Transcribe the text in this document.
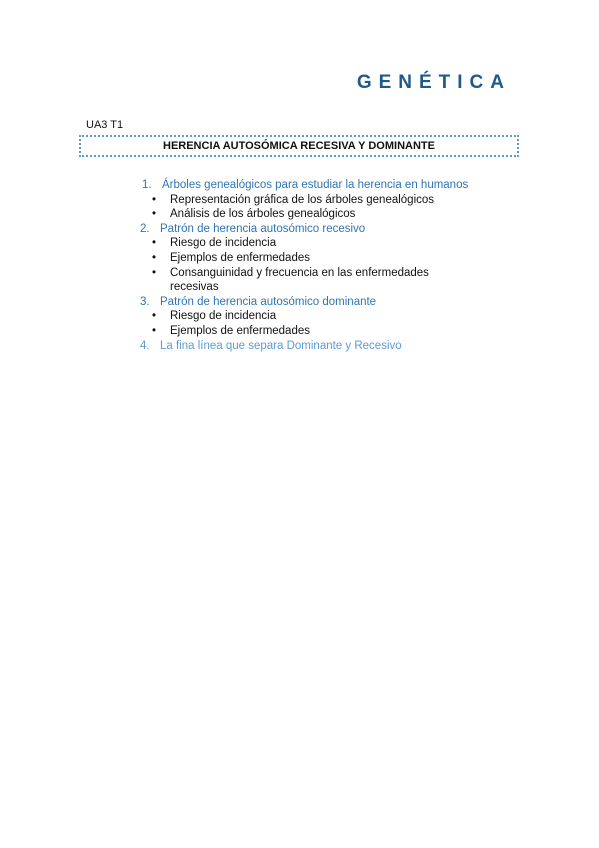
GENÉTICA
UA3 T1
HERENCIA AUTOSÓMICA RECESIVA Y DOMINANTE
1. Árboles genealógicos para estudiar la herencia en humanos
• Representación gráfica de los árboles genealógicos
• Análisis de los árboles genealógicos
2. Patrón de herencia autosómico recesivo
• Riesgo de incidencia
• Ejemplos de enfermedades
• Consanguinidad y frecuencia en las enfermedades recesivas
3. Patrón de herencia autosómico dominante
• Riesgo de incidencia
• Ejemplos de enfermedades
4. La fina línea que separa Dominante y Recesivo
